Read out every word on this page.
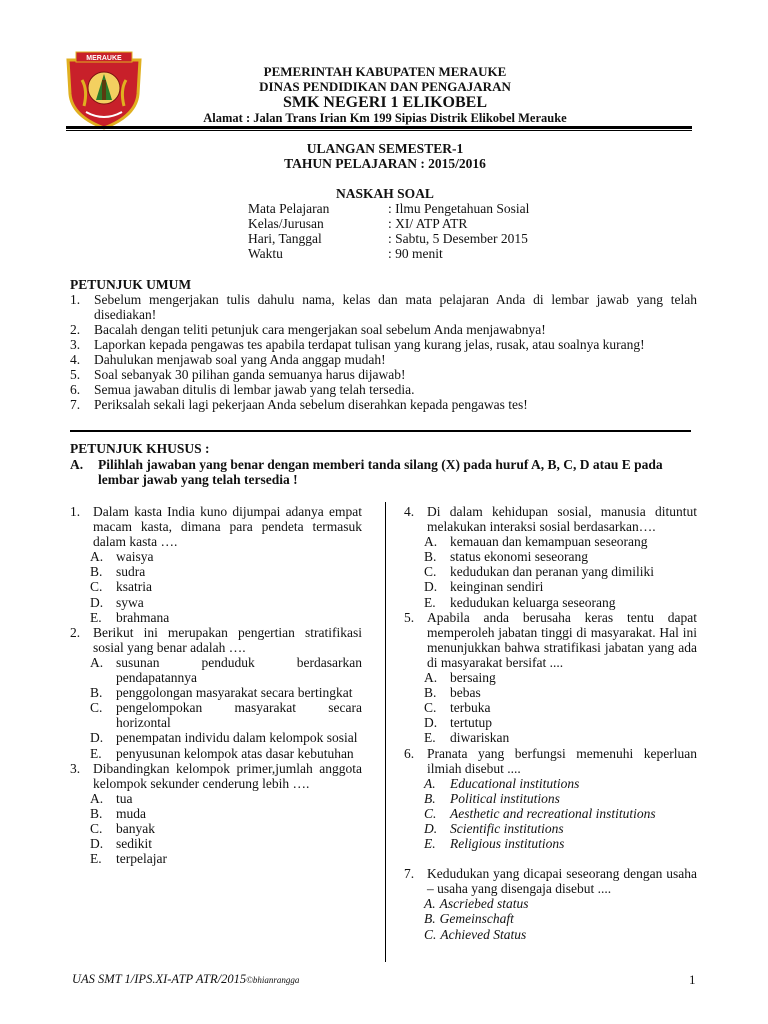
MERAUKE
PEMERINTAH KABUPATEN MERAUKE
DINAS PENDIDIKAN DAN PENGAJARAN
SMK NEGERI 1 ELIKOBEL
Alamat : Jalan Trans Irian Km 199 Sipias Distrik Elikobel Merauke
ULANGAN SEMESTER-1
TAHUN PELAJARAN : 2015/2016
NASKAH SOAL
Mata Pelajaran	: Ilmu Pengetahuan Sosial
Kelas/Jurusan	: XI/ ATP ATR
Hari, Tanggal	: Sabtu, 5 Desember 2015
Waktu	: 90 menit
PETUNJUK UMUM
1.	Sebelum mengerjakan tulis dahulu nama, kelas dan mata pelajaran Anda di lembar jawab yang telah disediakan!
2.	Bacalah dengan teliti petunjuk cara mengerjakan soal sebelum Anda menjawabnya!
3.	Laporkan kepada pengawas tes apabila terdapat tulisan yang kurang jelas, rusak, atau soalnya kurang!
4.	Dahulukan menjawab soal yang Anda anggap mudah!
5.	Soal sebanyak 30 pilihan ganda semuanya harus dijawab!
6.	Semua jawaban ditulis di lembar jawab yang telah tersedia.
7.	Periksalah sekali lagi pekerjaan Anda sebelum diserahkan kepada pengawas tes!
PETUNJUK KHUSUS :
A.	Pilihlah jawaban yang benar dengan memberi tanda silang (X) pada huruf A, B, C, D atau E pada lembar jawab yang telah tersedia !
1. Dalam kasta India kuno dijumpai adanya empat macam kasta, dimana para pendeta termasuk dalam kasta ….
A. waisya
B.	sudra
C.	ksatria
D. sywa
E.	brahmana
2. Berikut ini merupakan pengertian stratifikasi sosial yang benar adalah ….
A. susunan penduduk berdasarkan pendapatannya
B.	penggolongan masyarakat secara bertingkat
C.	pengelompokan masyarakat secara horizontal
D. penempatan individu dalam kelompok sosial
E.	penyusunan kelompok atas dasar kebutuhan
3. Dibandingkan kelompok primer,jumlah anggota kelompok sekunder cenderung lebih ….
A. tua
B.	muda
C.	banyak
D. sedikit
E.	terpelajar
4. Di dalam kehidupan sosial, manusia dituntut melakukan interaksi sosial berdasarkan….
A. kemauan dan kemampuan seseorang
B.	status ekonomi seseorang
C.	kedudukan dan peranan yang dimiliki
D. keinginan sendiri
E.	kedudukan keluarga seseorang
5. Apabila anda berusaha keras tentu dapat memperoleh jabatan tinggi di masyarakat. Hal ini menunjukkan bahwa stratifikasi jabatan yang ada di masyarakat bersifat ....
A. bersaing
B.	bebas
C.	terbuka
D. tertutup
E.	diwariskan
6. Pranata yang berfungsi memenuhi keperluan ilmiah disebut ....
A.	Educational institutions
B.	Political institutions
C.	Aesthetic and recreational institutions
D. Scientific institutions
E.	Religious institutions
7. Kedudukan yang dicapai seseorang dengan usaha – usaha yang disengaja disebut ....
A. Ascriebed status
B. Gemeinschaft
C. Achieved Status
UAS SMT 1/IPS.XI-ATP ATR/2015©bhianrangga	1
